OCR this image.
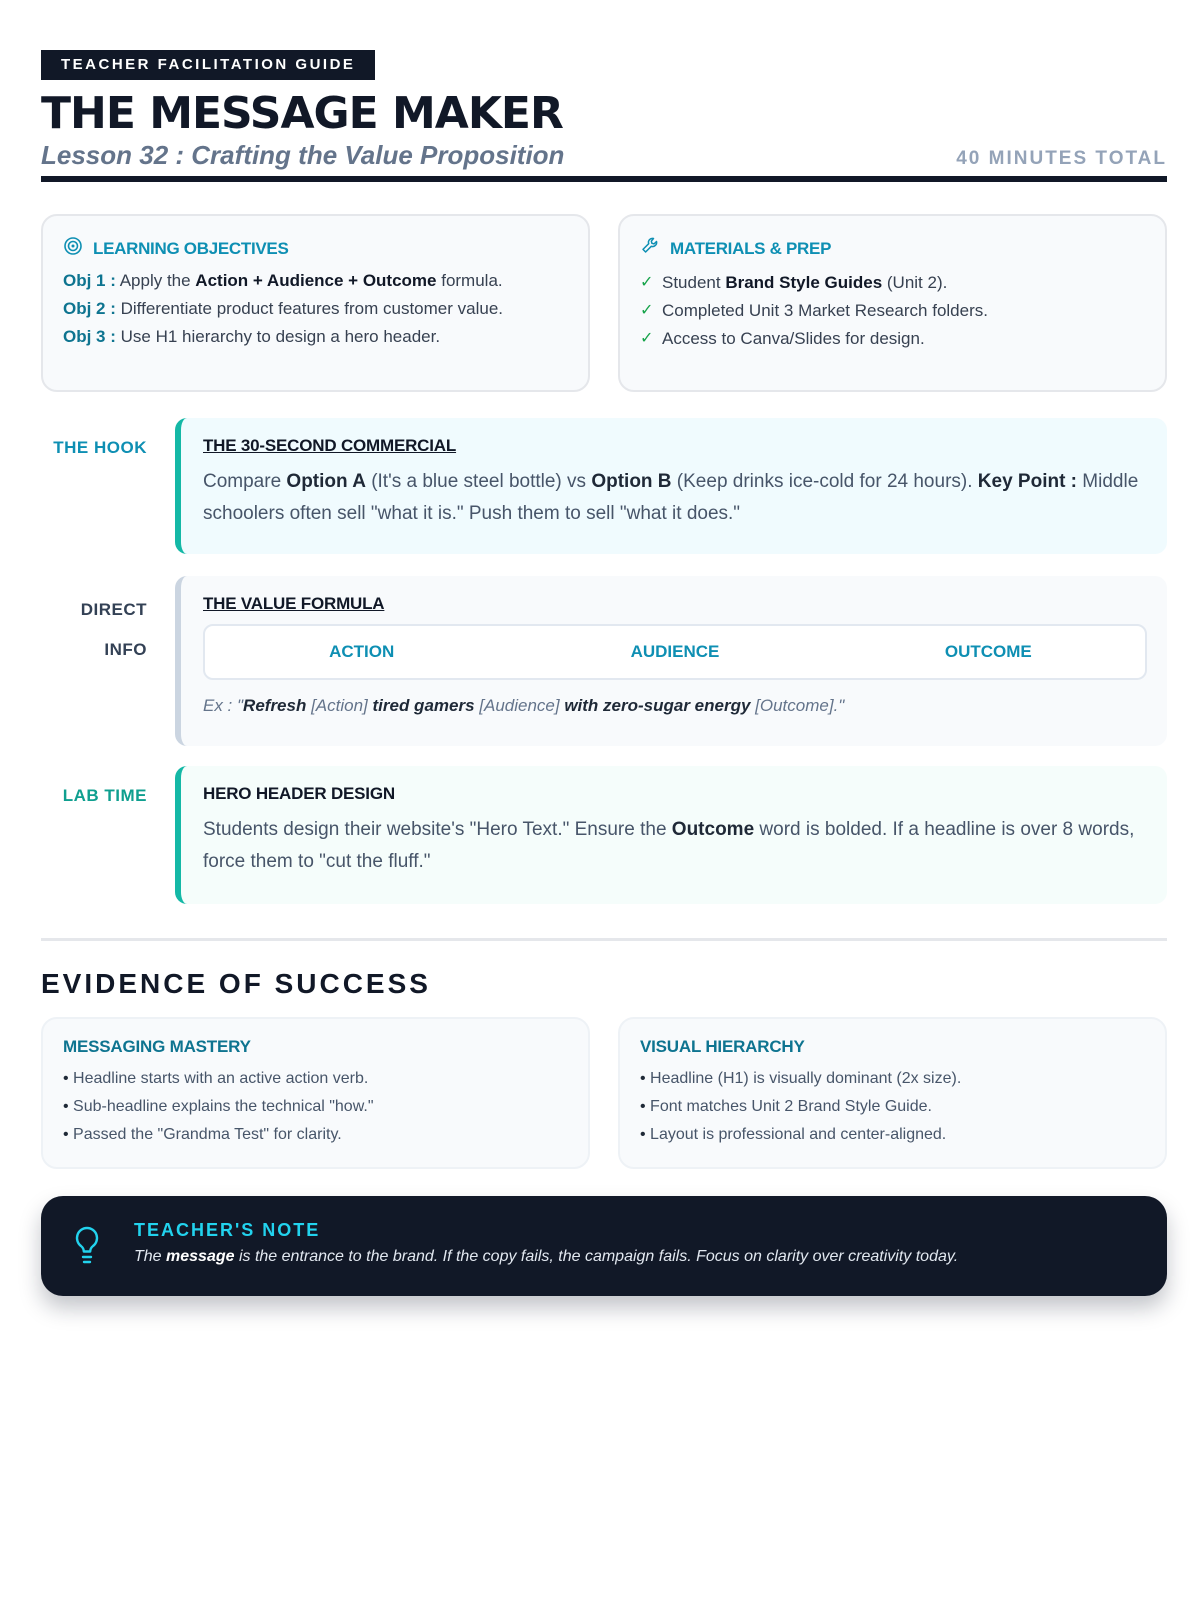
TEACHER FACILITATION GUIDE
THE MESSAGE MAKER
Lesson 32 : Crafting the Value Proposition	40 MINUTES TOTAL
LEARNING OBJECTIVES
Obj 1 : Apply the Action + Audience + Outcome formula.
Obj 2 : Differentiate product features from customer value.
Obj 3 : Use H1 hierarchy to design a hero header.
MATERIALS & PREP
✓ Student Brand Style Guides (Unit 2).
✓ Completed Unit 3 Market Research folders.
✓ Access to Canva/Slides for design.
THE HOOK	THE 30-SECOND COMMERCIAL
Compare Option A (It's a blue steel bottle) vs Option B (Keep drinks ice-cold for 24 hours). Key Point : Middle schoolers often sell "what it is." Push them to sell "what it does."
DIRECT
INFO
THE VALUE FORMULA
ACTION	AUDIENCE	OUTCOME
Ex : "Refresh [Action] tired gamers [Audience] with zero-sugar energy [Outcome]."
LAB TIME	HERO HEADER DESIGN
Students design their website's "Hero Text." Ensure the Outcome word is bolded. If a headline is over 8 words, force them to "cut the fluff."
EVIDENCE OF SUCCESS
MESSAGING MASTERY
• Headline starts with an active action verb.
• Sub-headline explains the technical "how."
• Passed the "Grandma Test" for clarity.
VISUAL HIERARCHY
• Headline (H1) is visually dominant (2x size).
• Font matches Unit 2 Brand Style Guide.
• Layout is professional and center-aligned.
TEACHER'S NOTE
The message is the entrance to the brand. If the copy fails, the campaign fails. Focus on clarity over creativity today.
